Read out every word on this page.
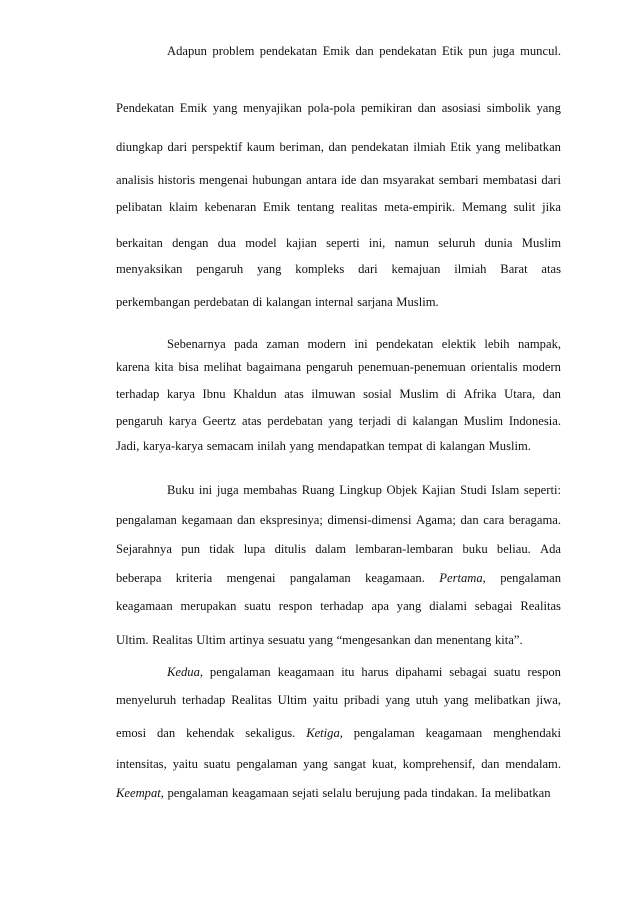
Adapun problem pendekatan Emik dan pendekatan Etik pun juga muncul.
Pendekatan Emik yang menyajikan pola-pola pemikiran dan asosiasi simbolik yang
diungkap dari perspektif kaum beriman, dan pendekatan ilmiah Etik yang melibatkan
analisis historis mengenai hubungan antara ide dan msyarakat sembari membatasi dari
pelibatan klaim kebenaran Emik tentang realitas meta-empirik. Memang sulit jika
berkaitan dengan dua model kajian seperti ini, namun seluruh dunia Muslim
menyaksikan pengaruh yang kompleks dari kemajuan ilmiah Barat atas
perkembangan perdebatan di kalangan internal sarjana Muslim.
Sebenarnya pada zaman modern ini pendekatan elektik lebih nampak,
karena kita bisa melihat bagaimana pengaruh penemuan-penemuan orientalis modern
terhadap karya Ibnu Khaldun atas ilmuwan sosial Muslim di Afrika Utara, dan
pengaruh karya Geertz atas perdebatan yang terjadi di kalangan Muslim Indonesia.
Jadi, karya-karya semacam inilah yang mendapatkan tempat di kalangan Muslim.
Buku ini juga membahas Ruang Lingkup Objek Kajian Studi Islam seperti:
pengalaman kegamaan dan ekspresinya; dimensi-dimensi Agama; dan cara beragama.
Sejarahnya pun tidak lupa ditulis dalam lembaran-lembaran buku beliau. Ada
beberapa kriteria mengenai pangalaman keagamaan. Pertama, pengalaman
keagamaan merupakan suatu respon terhadap apa yang dialami sebagai Realitas
Ultim. Realitas Ultim artinya sesuatu yang “mengesankan dan menentang kita”.
Kedua, pengalaman keagamaan itu harus dipahami sebagai suatu respon
menyeluruh terhadap Realitas Ultim yaitu pribadi yang utuh yang melibatkan jiwa,
emosi dan kehendak sekaligus. Ketiga, pengalaman keagamaan menghendaki
intensitas, yaitu suatu pengalaman yang sangat kuat, komprehensif, dan mendalam.
Keempat, pengalaman keagamaan sejati selalu berujung pada tindakan. Ia melibatkan
